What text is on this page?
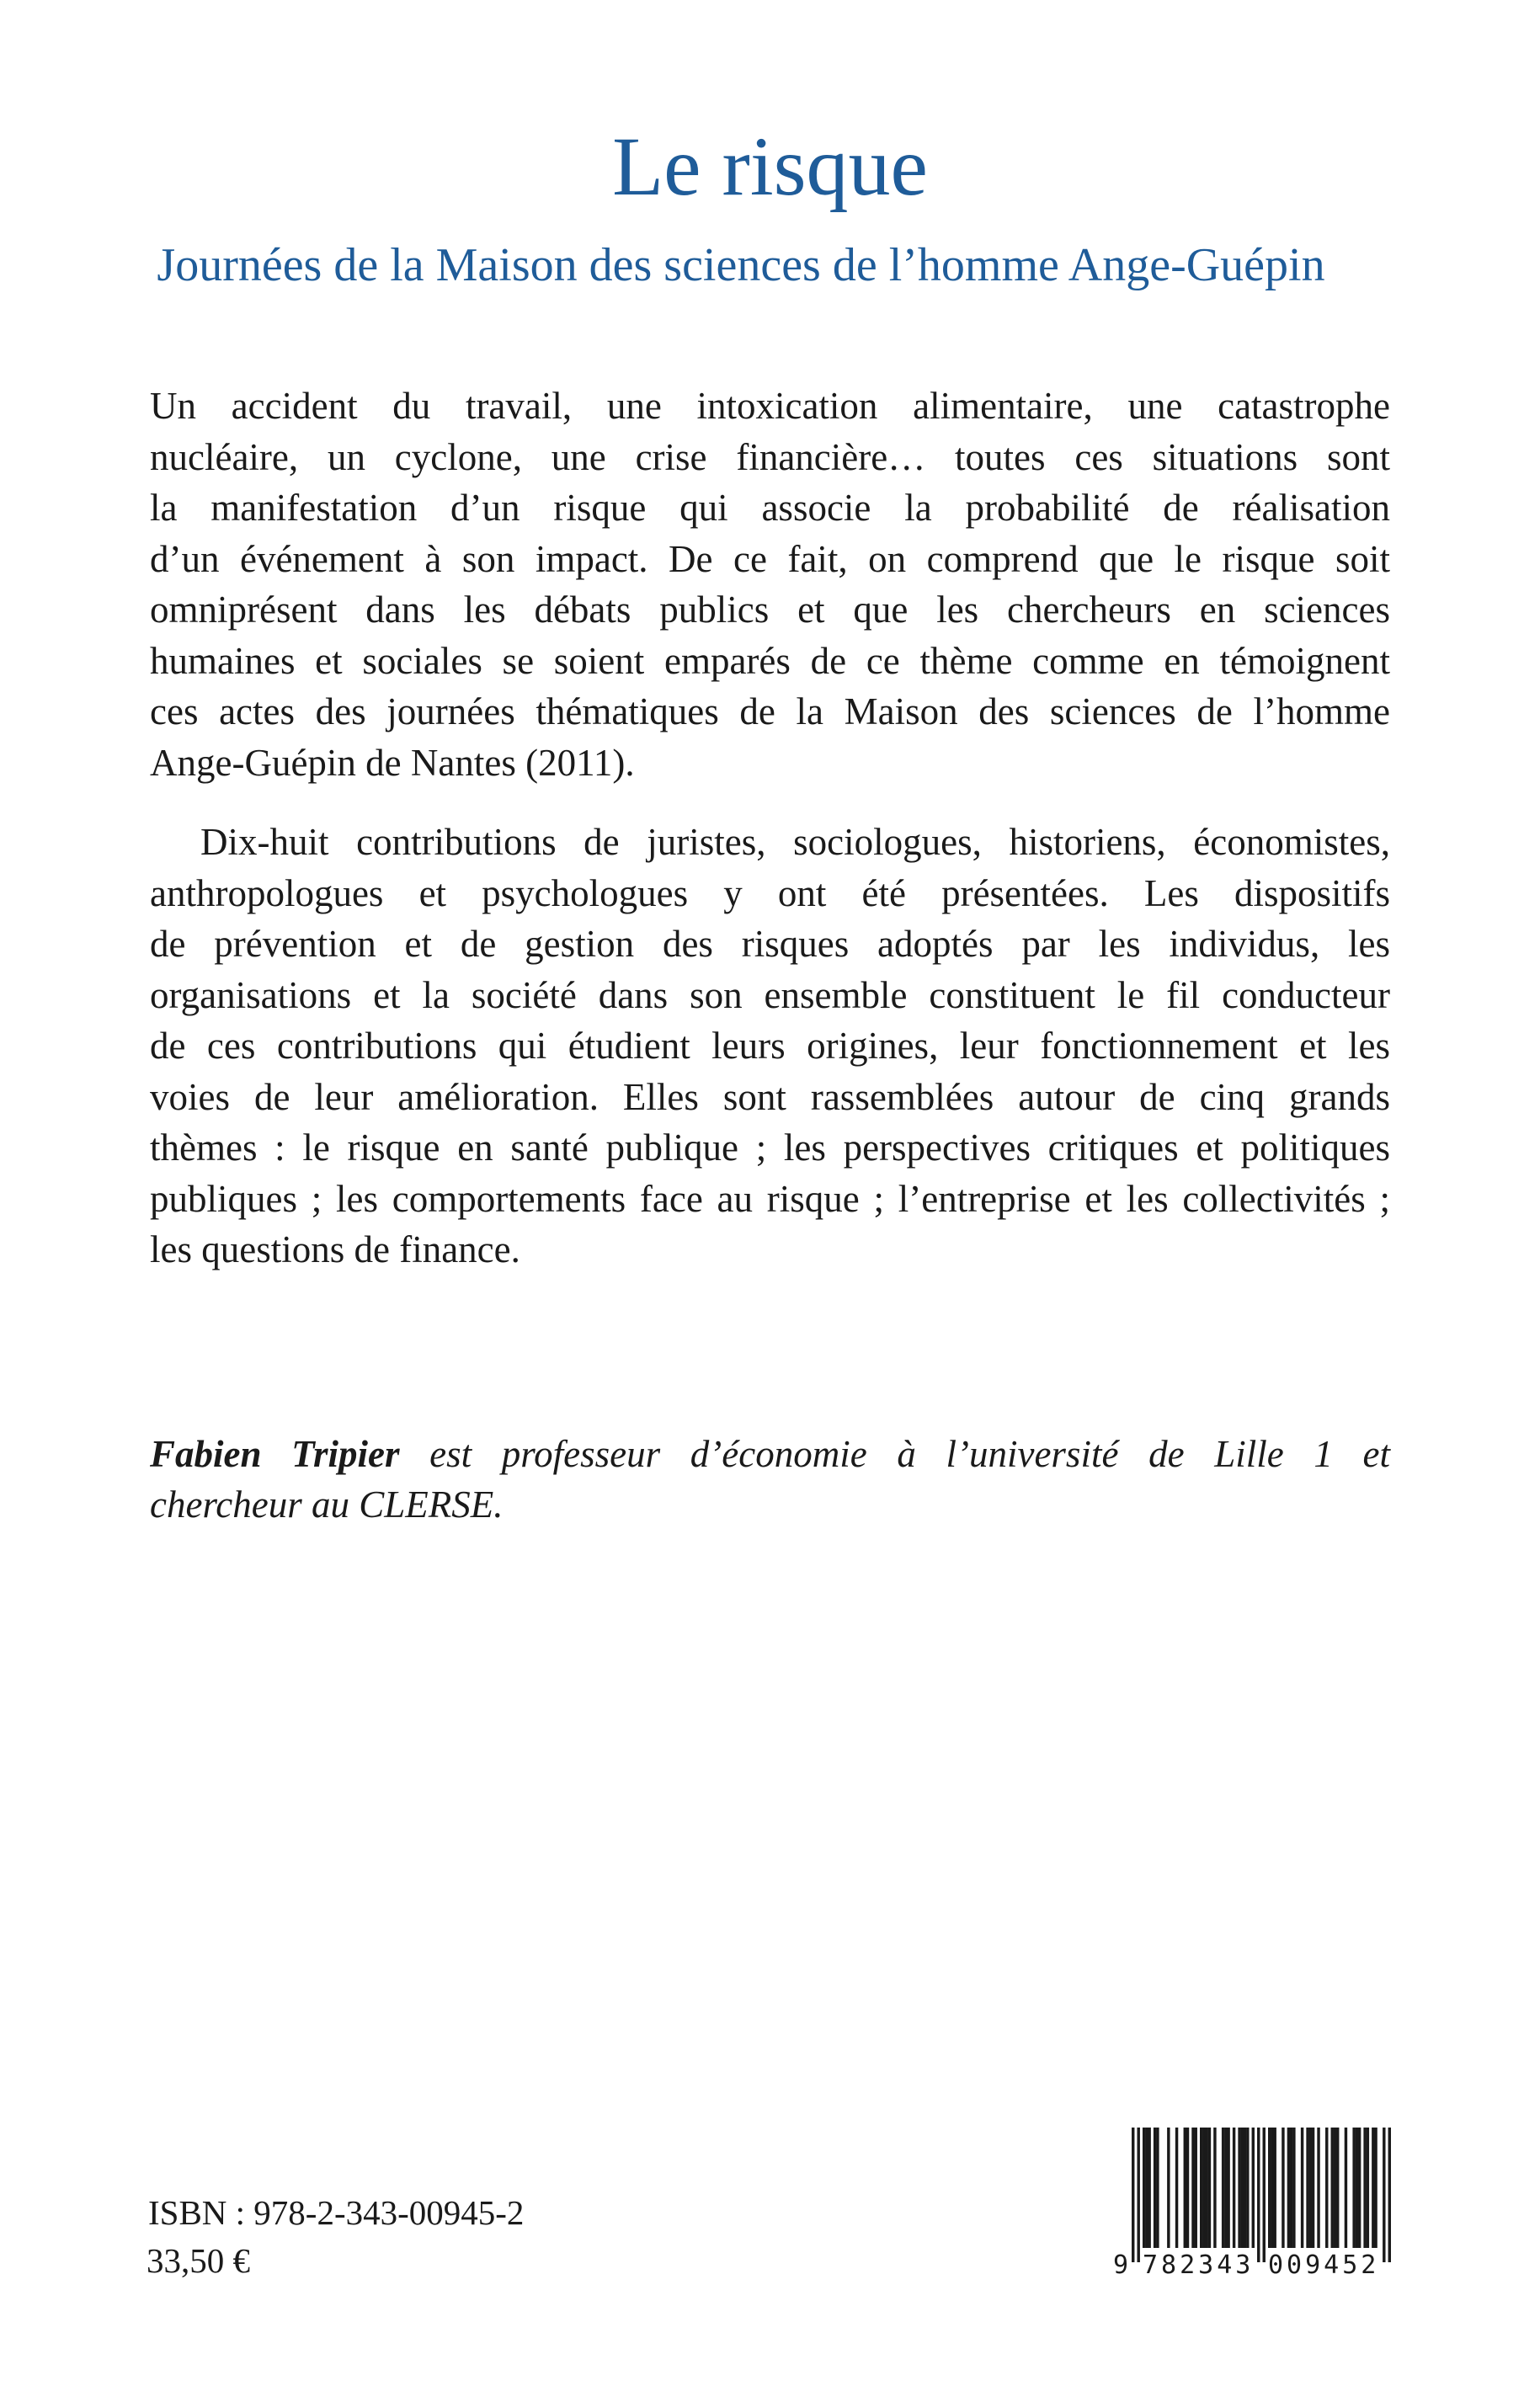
Le risque
Journées de la Maison des sciences de l’homme Ange-Guépin
Un accident du travail, une intoxication alimentaire, une catastrophe
nucléaire, un cyclone, une crise financière… toutes ces situations sont
la manifestation d’un risque qui associe la probabilité de réalisation
d’un événement à son impact. De ce fait, on comprend que le risque soit
omniprésent dans les débats publics et que les chercheurs en sciences
humaines et sociales se soient emparés de ce thème comme en témoignent
ces actes des journées thématiques de la Maison des sciences de l’homme
Ange-Guépin de Nantes (2011).
Dix-huit contributions de juristes, sociologues, historiens, économistes,
anthropologues et psychologues y ont été présentées. Les dispositifs
de prévention et de gestion des risques adoptés par les individus, les
organisations et la société dans son ensemble constituent le fil conducteur
de ces contributions qui étudient leurs origines, leur fonctionnement et les
voies de leur amélioration. Elles sont rassemblées autour de cinq grands
thèmes : le risque en santé publique ; les perspectives critiques et politiques
publiques ; les comportements face au risque ; l’entreprise et les collectivités ;
les questions de finance.
Fabien Tripier est professeur d’économie à l’université de Lille 1 et
chercheur au CLERSE.
ISBN : 978-2-343-00945-2
33,50 €	9 782343 009452
